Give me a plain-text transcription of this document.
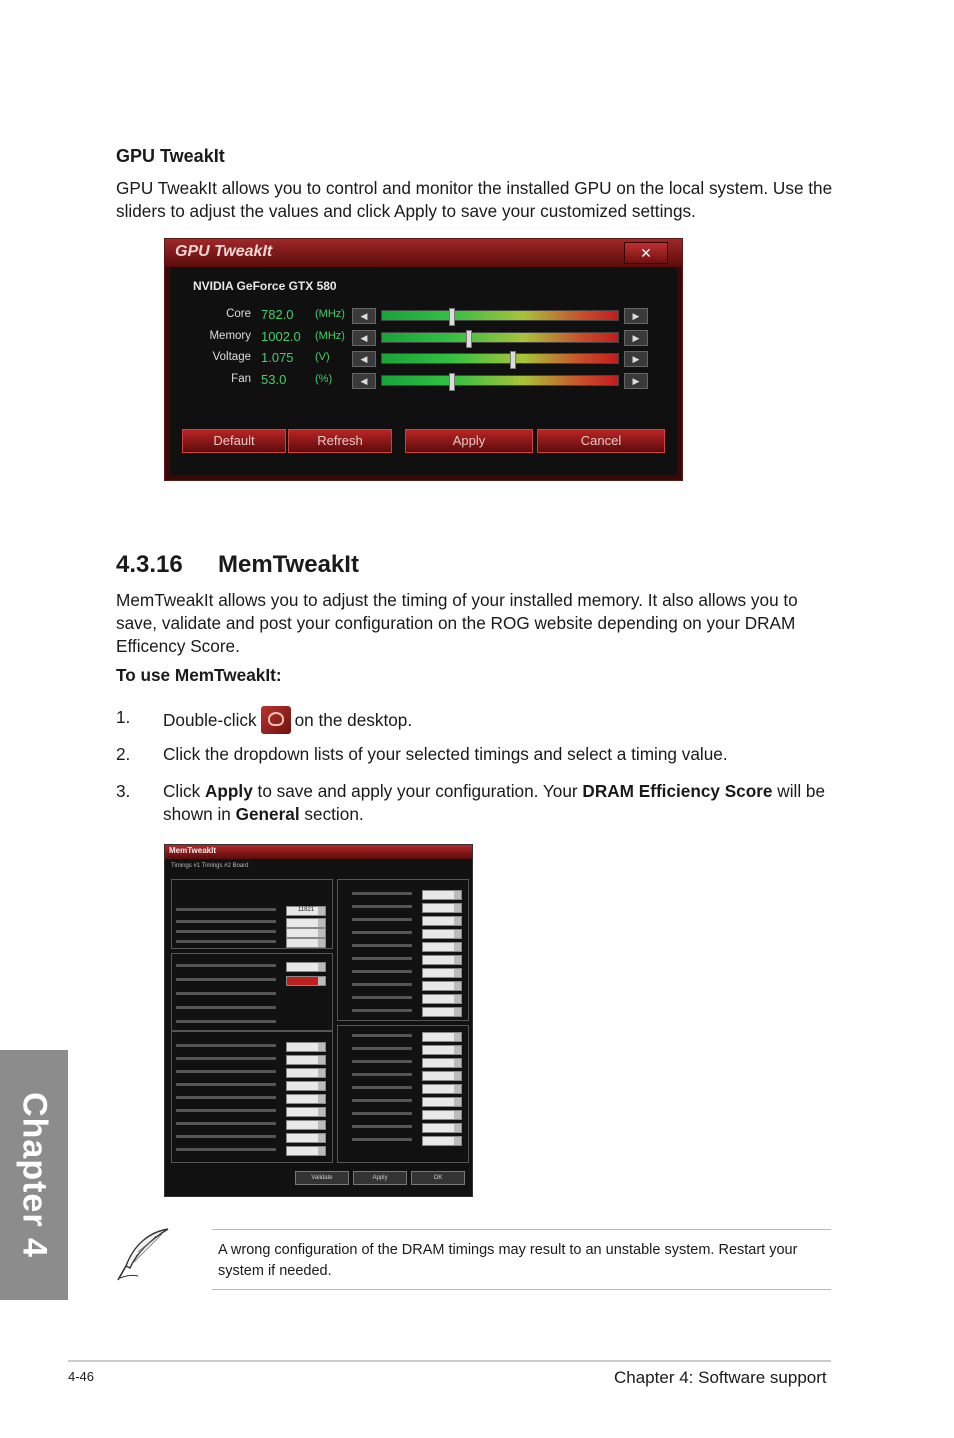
GPU TweakIt
GPU TweakIt allows you to control and monitor the installed GPU on the local system. Use the sliders to adjust the values and click Apply to save your customized settings.
GPU TweakIt	✕
NVIDIA GeForce GTX 580
Core 782.0 (MHz)	◀	▶
Memory 1002.0 (MHz)	◀	▶
Voltage 1.075 (V)	◀	▶
Fan 53.0	(%)	◀	▶
Default	Refresh	Apply	Cancel
4.3.16 MemTweakIt
MemTweakIt allows you to adjust the timing of your installed memory. It also allows you to save, validate and post your configuration on the ROG website depending on your DRAM Efficency Score.
To use MemTweakIt:
1. Double-click on the desktop.
2. Click the dropdown lists of your selected timings and select a timing value.
3. Click Apply to save and apply your configuration. Your DRAM Efficiency Score will be shown in General section.
MemTweakIt
Timings #1 Timings #2 Board
11821
Validate	Apply	OK
A wrong configuration of the DRAM timings may result to an unstable system. Restart your system if needed.
Chapter 4
4-46	Chapter 4: Software support
